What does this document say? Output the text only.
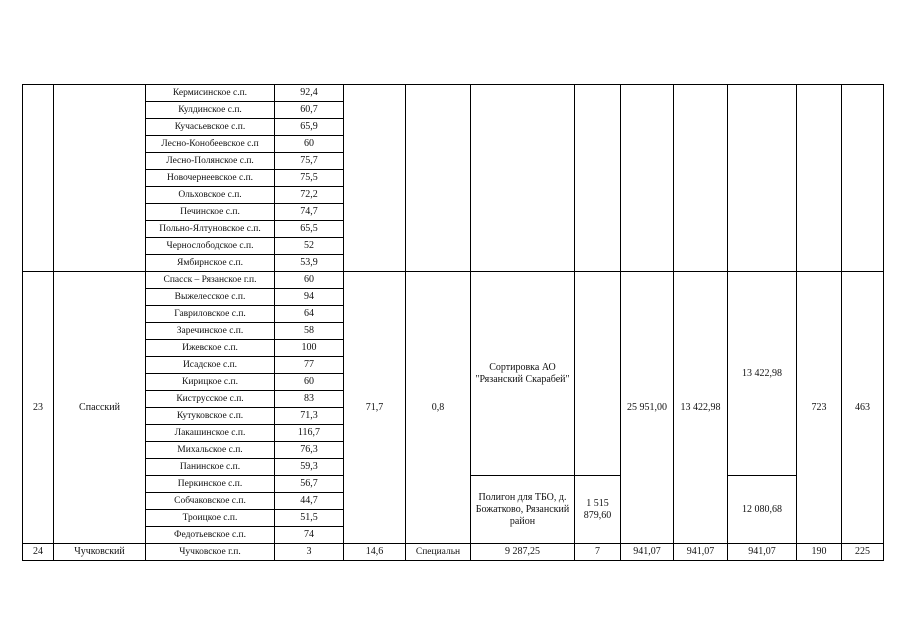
		Кермисинское с.п.	92,4									
		Кулдинское с.п.	60,7									
		Кучасьевское с.п.	65,9									
		Лесно-Конобеевское с.п	60									
		Лесно-Полянское с.п.	75,7									
		Новочернеевское с.п.	75,5									
		Ольховское с.п.	72,2									
		Печинское с.п.	74,7									
		Польно-Ялтуновское с.п.	65,5									
		Чернослободское с.п.	52									
		Ямбирнское с.п.	53,9									
23	Спасский	Спасск – Рязанское г.п.	60	71,7	0,8	Сортировка АО "Рязанский Скарабей"		25 951,00	13 422,98	13 422,98	723	463
		Выжелесское с.п.	94									
		Гавриловское с.п.	64									
		Заречинское с.п.	58									
		Ижевское с.п.	100									
		Исадское с.п.	77									
		Кирицкое с.п.	60									
		Киструсское с.п.	83									
		Кутуковское с.п.	71,3									
		Лакашинское с.п.	116,7									
		Михальское с.п.	76,3									
		Панинское с.п.	59,3									
		Перкинское с.п.	56,7			Полигон для ТБО, д. Божатково, Рязанский район	1 515 879,60			12 080,68		
		Собчаковское с.п.	44,7									
		Троицкое с.п.	51,5									
		Федотьевское с.п.	74									
24	Чучковский	Чучковское г.п.	3	14,6	Специальн	9 287,25	7	941,07	941,07	941,07	190	225
